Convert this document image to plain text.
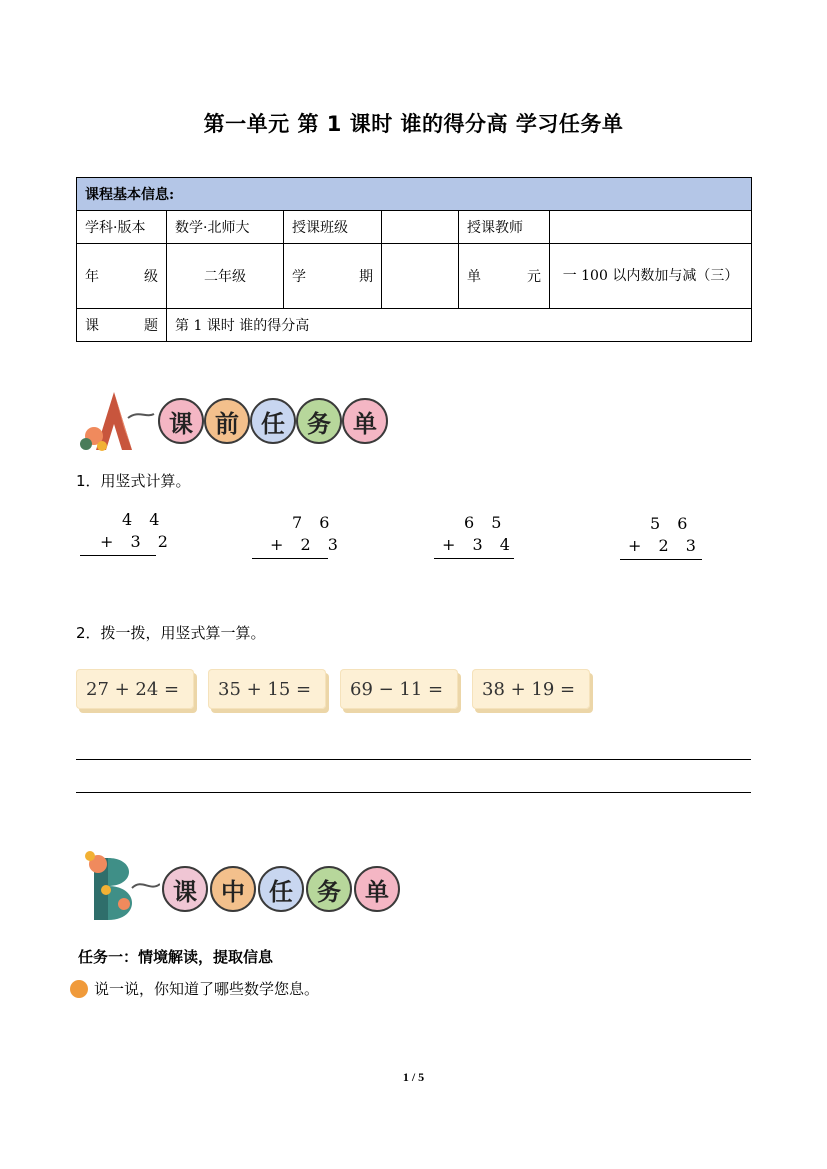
第一单元 第 1 课时 谁的得分高 学习任务单
课程基本信息:					
学科·版本	数学·北师大	授课班级		授课教师	

年 级	二年级	学 期		单 元	一 100 以内数加与减（三）

课 题	第 1 课时 谁的得分高				
课 前 任 务 单
1．用竖式计算。
4 4
+ 3 2
7 6
+ 2 3
6 5
+ 3 4
5 6
+ 2 3
2．拨一拨，用竖式算一算。
27 + 24 =	35 + 15 =	69 − 11 =	38 + 19 =
课	中	任	务	单
任务一：情境解读，提取信息
说一说，你知道了哪些数学您息。
1 / 5
